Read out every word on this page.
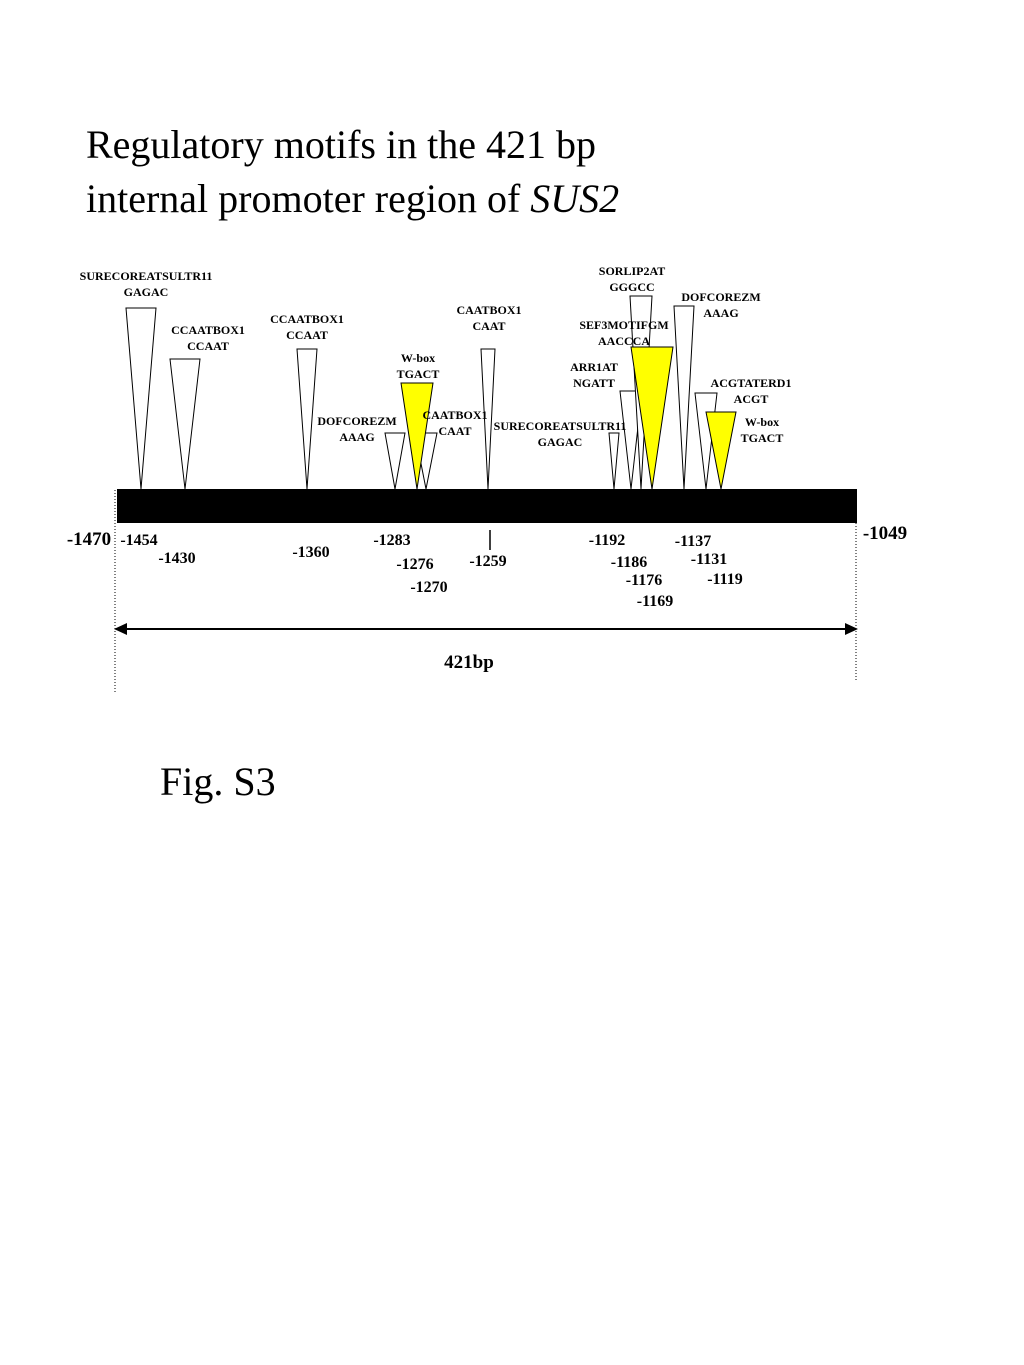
Regulatory motifs in the 421 bp
internal promoter region of SUS2
SURECOREATSULTR11
GAGAC
CCAATBOX1
CCAAT
CCAATBOX1
CCAAT
DOFCOREZM
AAAG
W-box
TGACT
CAATBOX1
CAAT
CAATBOX1
CAAT
SURECOREATSULTR11
GAGAC
ARR1AT
NGATT
SORLIP2AT
GGGCC
SEF3MOTIFGM
AACCCA
DOFCOREZM
AAAG
ACGTATERD1
ACGT
W-box
TGACT
-1454
-1430	-1360
-1283
-1276
-1270
-1259
-1192
-1186
-1176
-1169
-1137
-1131
-1119
-1470	-1049
421bp
Fig. S3
